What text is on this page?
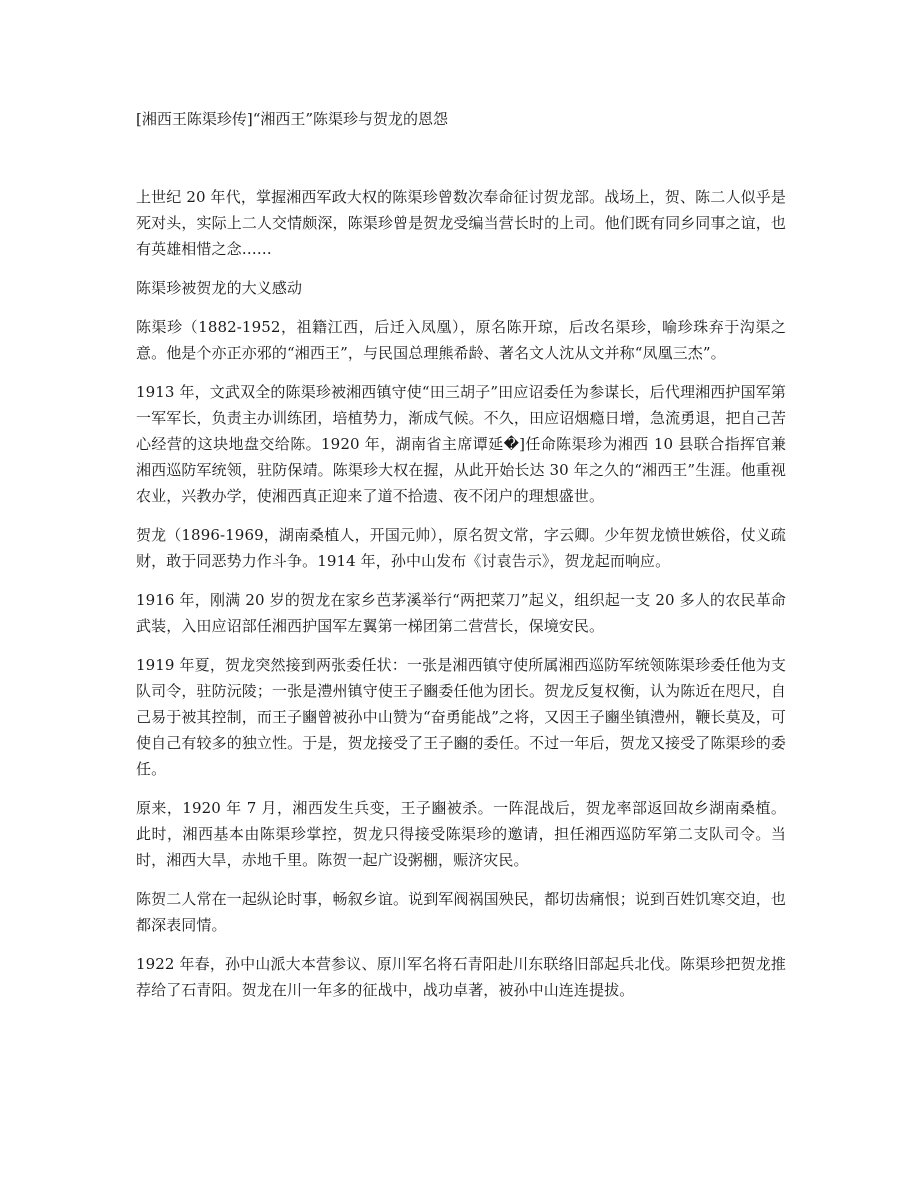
[湘西王陈渠珍传]“湘西王”陈渠珍与贺龙的恩怨

上世纪 20 年代，掌握湘西军政大权的陈渠珍曾数次奉命征讨贺龙部。战场上，贺、陈二人似乎是死对头，实际上二人交情颇深，陈渠珍曾是贺龙受编当营长时的上司。他们既有同乡同事之谊，也有英雄相惜之念……

陈渠珍被贺龙的大义感动

陈渠珍（1882-1952，祖籍江西，后迁入凤凰），原名陈开琼，后改名渠珍，喻珍珠弃于沟渠之意。他是个亦正亦邪的“湘西王”，与民国总理熊希龄、著名文人沈从文并称“凤凰三杰”。

1913 年，文武双全的陈渠珍被湘西镇守使“田三胡子”田应诏委任为参谋长，后代理湘西护国军第一军军长，负责主办训练团，培植势力，渐成气候。不久，田应诏烟瘾日增，急流勇退，把自己苦心经营的这块地盘交给陈。1920 年，湖南省主席谭延�]任命陈渠珍为湘西 10 县联合指挥官兼湘西巡防军统领，驻防保靖。陈渠珍大权在握，从此开始长达 30 年之久的“湘西王”生涯。他重视农业，兴教办学，使湘西真正迎来了道不拾遗、夜不闭户的理想盛世。

贺龙（1896-1969，湖南桑植人，开国元帅），原名贺文常，字云卿。少年贺龙愤世嫉俗，仗义疏财，敢于同恶势力作斗争。1914 年，孙中山发布《讨袁告示》，贺龙起而响应。

1916 年，刚满 20 岁的贺龙在家乡芭茅溪举行“两把菜刀”起义，组织起一支 20 多人的农民革命武装，入田应诏部任湘西护国军左翼第一梯团第二营营长，保境安民。

1919 年夏，贺龙突然接到两张委任状：一张是湘西镇守使所属湘西巡防军统领陈渠珍委任他为支队司令，驻防沅陵；一张是澧州镇守使王子豳委任他为团长。贺龙反复权衡，认为陈近在咫尺，自己易于被其控制，而王子豳曾被孙中山赞为“奋勇能战”之将，又因王子豳坐镇澧州，鞭长莫及，可使自己有较多的独立性。于是，贺龙接受了王子豳的委任。不过一年后，贺龙又接受了陈渠珍的委任。

原来，1920 年 7 月，湘西发生兵变，王子豳被杀。一阵混战后，贺龙率部返回故乡湖南桑植。此时，湘西基本由陈渠珍掌控，贺龙只得接受陈渠珍的邀请，担任湘西巡防军第二支队司令。当时，湘西大旱，赤地千里。陈贺一起广设粥棚，赈济灾民。

陈贺二人常在一起纵论时事，畅叙乡谊。说到军阀祸国殃民，都切齿痛恨；说到百姓饥寒交迫，也都深表同情。

1922 年春，孙中山派大本营参议、原川军名将石青阳赴川东联络旧部起兵北伐。陈渠珍把贺龙推荐给了石青阳。贺龙在川一年多的征战中，战功卓著，被孙中山连连提拔。
